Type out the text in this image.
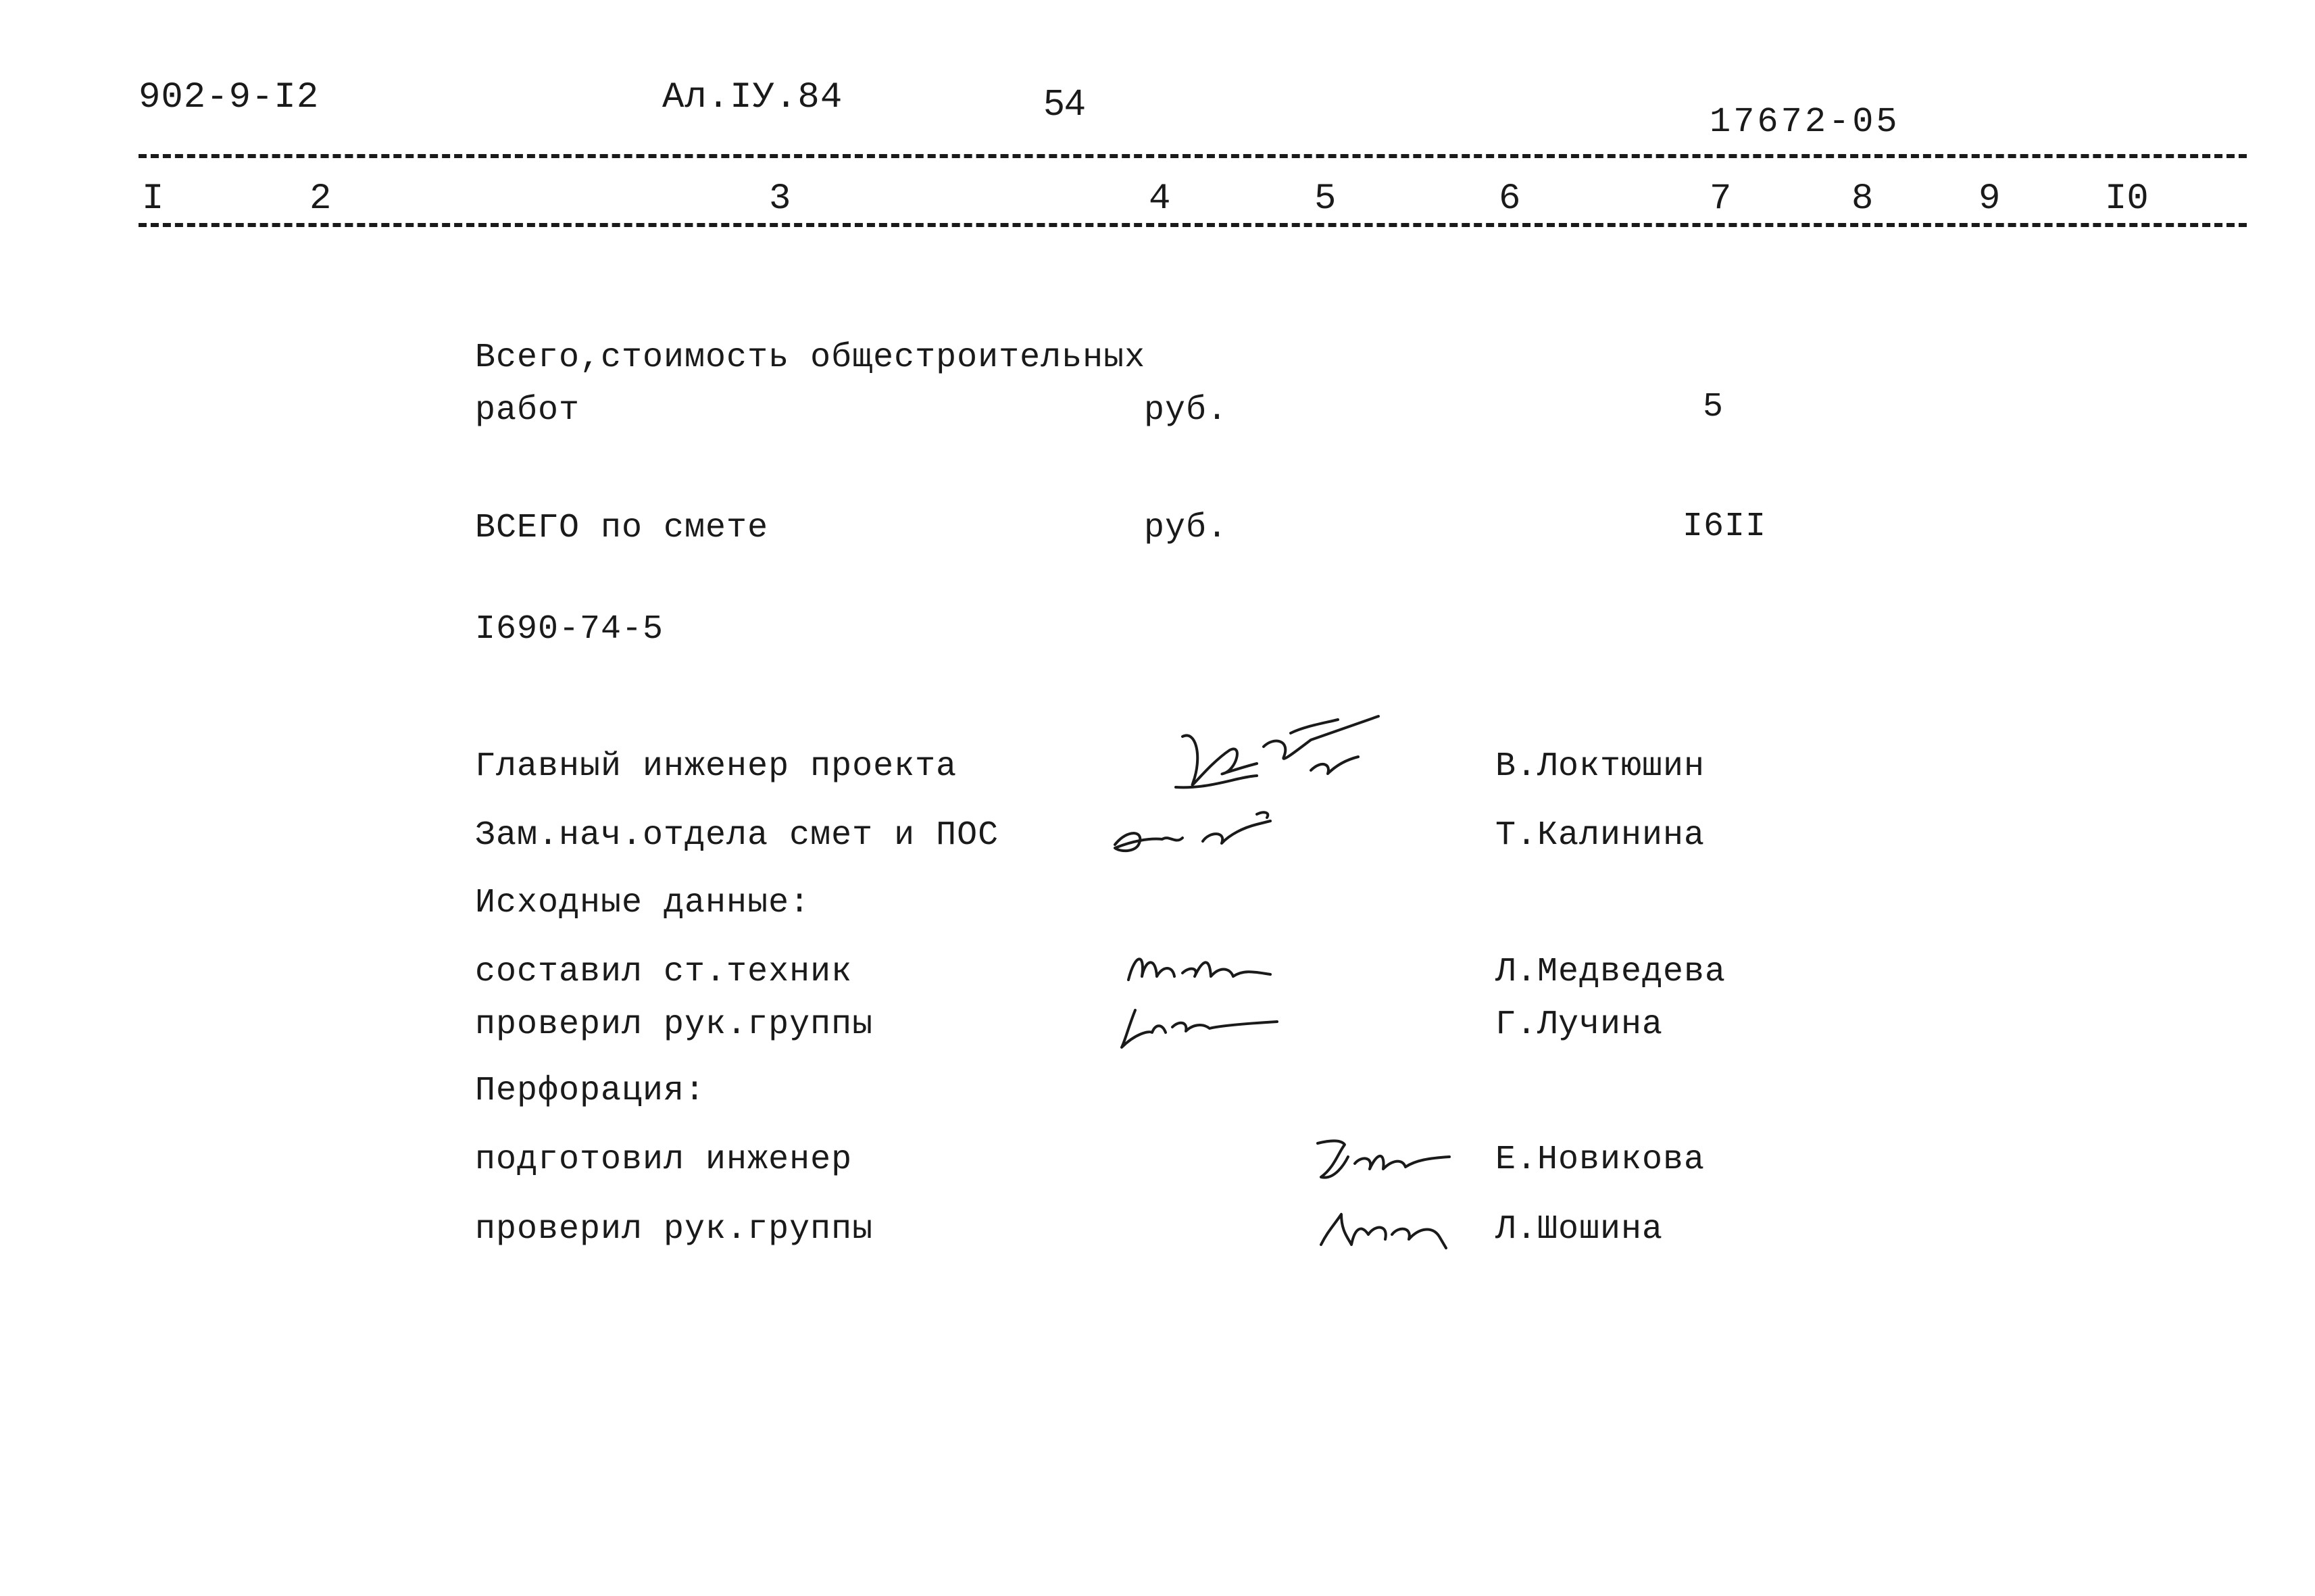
902-9-I2	Ал.IУ.84	54	17672-05
I	2	3	4	5	6	7	8	9	I0
Всего,стоимость общестроительных
работ	руб.	5
ВСЕГО по смете	руб.	I6II
I690-74-5
Главный инженер проекта	В.Локтюшин
Зам.нач.отдела смет и ПОС	Т.Калинина
Исходные данные:
составил ст.техник	Л.Медведева
проверил рук.группы	Г.Лучина
Перфорация:
подготовил инженер	Е.Новикова
проверил рук.группы	Л.Шошина
